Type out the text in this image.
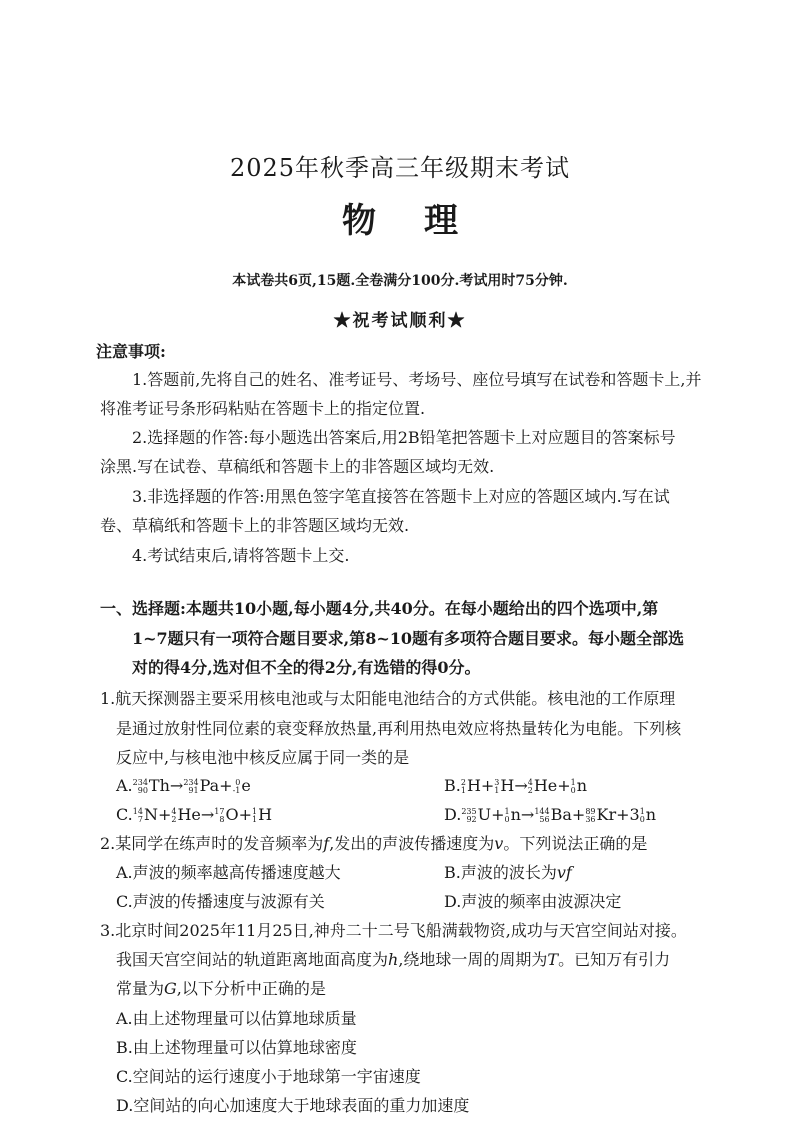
2025年秋季高三年级期末考试
物 理
本试卷共6页,15题.全卷满分100分.考试用时75分钟.
★祝考试顺利★
注意事项:
1.答题前,先将自己的姓名、准考证号、考场号、座位号填写在试卷和答题卡上,并
将准考证号条形码粘贴在答题卡上的指定位置.
2.选择题的作答:每小题选出答案后,用2B铅笔把答题卡上对应题目的答案标号
涂黑.写在试卷、草稿纸和答题卡上的非答题区域均无效.
3.非选择题的作答:用黑色签字笔直接答在答题卡上对应的答题区域内.写在试
卷、草稿纸和答题卡上的非答题区域均无效.
4.考试结束后,请将答题卡上交.
一、选择题:本题共10小题,每小题4分,共40分。在每小题给出的四个选项中,第
1~7题只有一项符合题目要求,第8~10题有多项符合题目要求。每小题全部选
对的得4分,选对但不全的得2分,有选错的得0分。
1.航天探测器主要采用核电池或与太阳能电池结合的方式供能。核电池的工作原理
是通过放射性同位素的衰变释放热量,再利用热电效应将热量转化为电能。下列核
反应中,与核电池中核反应属于同一类的是
A. 234
90 Th→ 234
91 Pa+ 0
-1 e	B. 2
1 H+ 3
1 H→ 4
2 He+ 1
0 n
C. 14
7 N+ 4
2 He→ 17
8 O+ 1
1 H	D. 235
92 U+ 1
0 n→ 144
56 Ba+ 89
36 Kr+3 1
0 n
2.某同学在练声时的发音频率为f,发出的声波传播速度为v。下列说法正确的是
A.声波的频率越高传播速度越大	B.声波的波长为vf
C.声波的传播速度与波源有关	D.声波的频率由波源决定
3.北京时间2025年11月25日,神舟二十二号飞船满载物资,成功与天宫空间站对接。
我国天宫空间站的轨道距离地面高度为h,绕地球一周的周期为T。已知万有引力
常量为G,以下分析中正确的是
A.由上述物理量可以估算地球质量
B.由上述物理量可以估算地球密度
C.空间站的运行速度小于地球第一宇宙速度
D.空间站的向心加速度大于地球表面的重力加速度
